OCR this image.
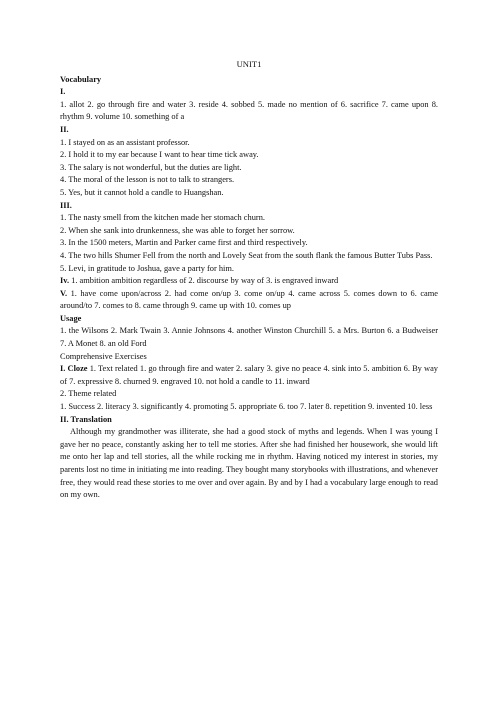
UNIT1

Vocabulary

I.

1. allot 2. go through fire and water 3. reside 4. sobbed 5. made no mention of 6. sacrifice 7. came upon 8. rhythm 9. volume 10. something of a

II.

1. I stayed on as an assistant professor.

2. I hold it to my ear because I want to hear time tick away.

3. The salary is not wonderful, but the duties are light.

4. The moral of the lesson is not to talk to strangers.

5. Yes, but it cannot hold a candle to Huangshan.

III.

1. The nasty smell from the kitchen made her stomach churn.

2. When she sank into drunkenness, she was able to forget her sorrow.

3. In the 1500 meters, Martin and Parker came first and third respectively.

4. The two hills Shumer Fell from the north and Lovely Seat from the south flank the famous Butter Tubs Pass.

5. Levi, in gratitude to Joshua, gave a party for him.

Iv. 1. ambition ambition regardless of 2. discourse by way of 3. is engraved inward

V. 1. have come upon/across 2. had come on/up 3. come on/up 4. came across 5. comes down to 6. came around/to 7. comes to 8. came through 9. came up with 10. comes up

Usage

1. the Wilsons 2. Mark Twain 3. Annie Johnsons 4. another Winston Churchill 5. a Mrs. Burton 6. a Budweiser 7. A Monet 8. an old Ford

Comprehensive Exercises

I. Cloze 1. Text related 1. go through fire and water 2. salary 3. give no peace 4. sink into 5. ambition 6. By way of 7. expressive 8. churned 9. engraved 10. not hold a candle to 11. inward

2. Theme related

1. Success 2. literacy 3. significantly 4. promoting 5. appropriate 6. too 7. later 8. repetition 9. invented 10. less

II. Translation

Although my grandmother was illiterate, she had a good stock of myths and legends. When I was young I gave her no peace, constantly asking her to tell me stories. After she had finished her housework, she would lift me onto her lap and tell stories, all the while rocking me in rhythm. Having noticed my interest in stories, my parents lost no time in initiating me into reading. They bought many storybooks with illustrations, and whenever free, they would read these stories to me over and over again. By and by I had a vocabulary large enough to read on my own.
